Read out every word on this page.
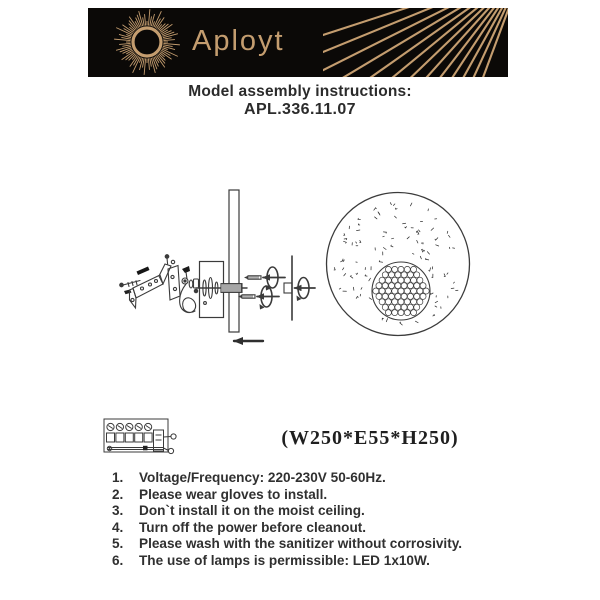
Aployt
Model assembly instructions:
APL.336.11.07
(W250*E55*H250)
1.	Voltage/Frequency: 220-230V 50-60Hz.
2.	Please wear gloves to install.
3.	Don`t install it on the moist ceiling.
4.	Turn off the power before cleanout.
5.	Please wash with the sanitizer without corrosivity.
6.	The use of lamps is permissible: LED 1x10W.
